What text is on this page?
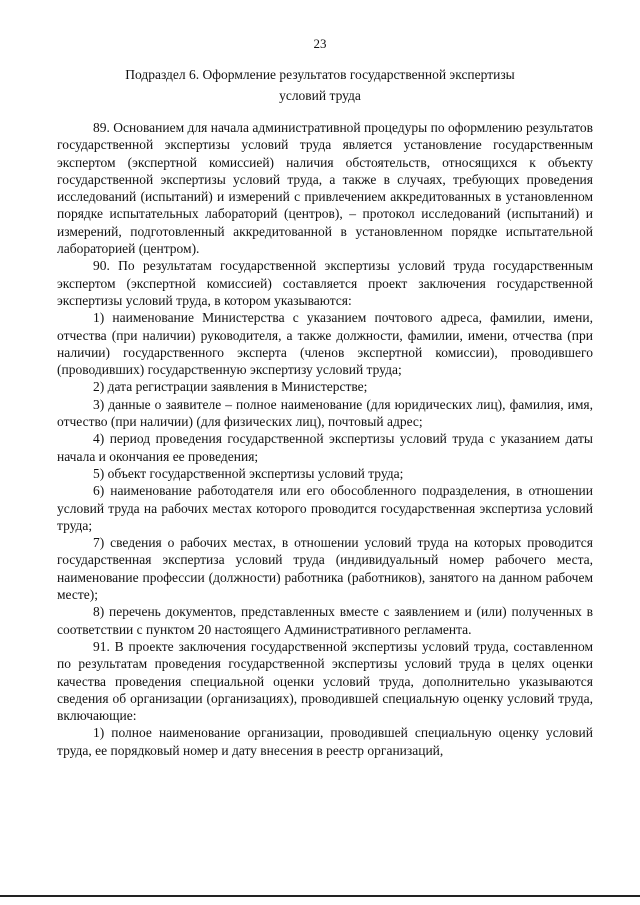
23
Подраздел 6. Оформление результатов государственной экспертизы
условий труда

89. Основанием для начала административной процедуры по оформлению результатов государственной экспертизы условий труда является установление государственным экспертом (экспертной комиссией) наличия обстоятельств, относящихся к объекту государственной экспертизы условий труда, а также в случаях, требующих проведения исследований (испытаний) и измерений с привлечением аккредитованных в установленном порядке испытательных лабораторий (центров), – протокол исследований (испытаний) и измерений, подготовленный аккредитованной в установленном порядке испытательной лабораторией (центром).

90. По результатам государственной экспертизы условий труда государственным экспертом (экспертной комиссией) составляется проект заключения государственной экспертизы условий труда, в котором указываются:

1) наименование Министерства с указанием почтового адреса, фамилии, имени, отчества (при наличии) руководителя, а также должности, фамилии, имени, отчества (при наличии) государственного эксперта (членов экспертной комиссии), проводившего (проводивших) государственную экспертизу условий труда;

2) дата регистрации заявления в Министерстве;

3) данные о заявителе – полное наименование (для юридических лиц), фамилия, имя, отчество (при наличии) (для физических лиц), почтовый адрес;

4) период проведения государственной экспертизы условий труда с указанием даты начала и окончания ее проведения;

5) объект государственной экспертизы условий труда;

6) наименование работодателя или его обособленного подразделения, в отношении условий труда на рабочих местах которого проводится государственная экспертиза условий труда;

7) сведения о рабочих местах, в отношении условий труда на которых проводится государственная экспертиза условий труда (индивидуальный номер рабочего места, наименование профессии (должности) работника (работников), занятого на данном рабочем месте);

8) перечень документов, представленных вместе с заявлением и (или) полученных в соответствии с пунктом 20 настоящего Административного регламента.

91. В проекте заключения государственной экспертизы условий труда, составленном по результатам проведения государственной экспертизы условий труда в целях оценки качества проведения специальной оценки условий труда, дополнительно указываются сведения об организации (организациях), проводившей специальную оценку условий труда, включающие:

1) полное наименование организации, проводившей специальную оценку условий труда, ее порядковый номер и дату внесения в реестр организаций,
